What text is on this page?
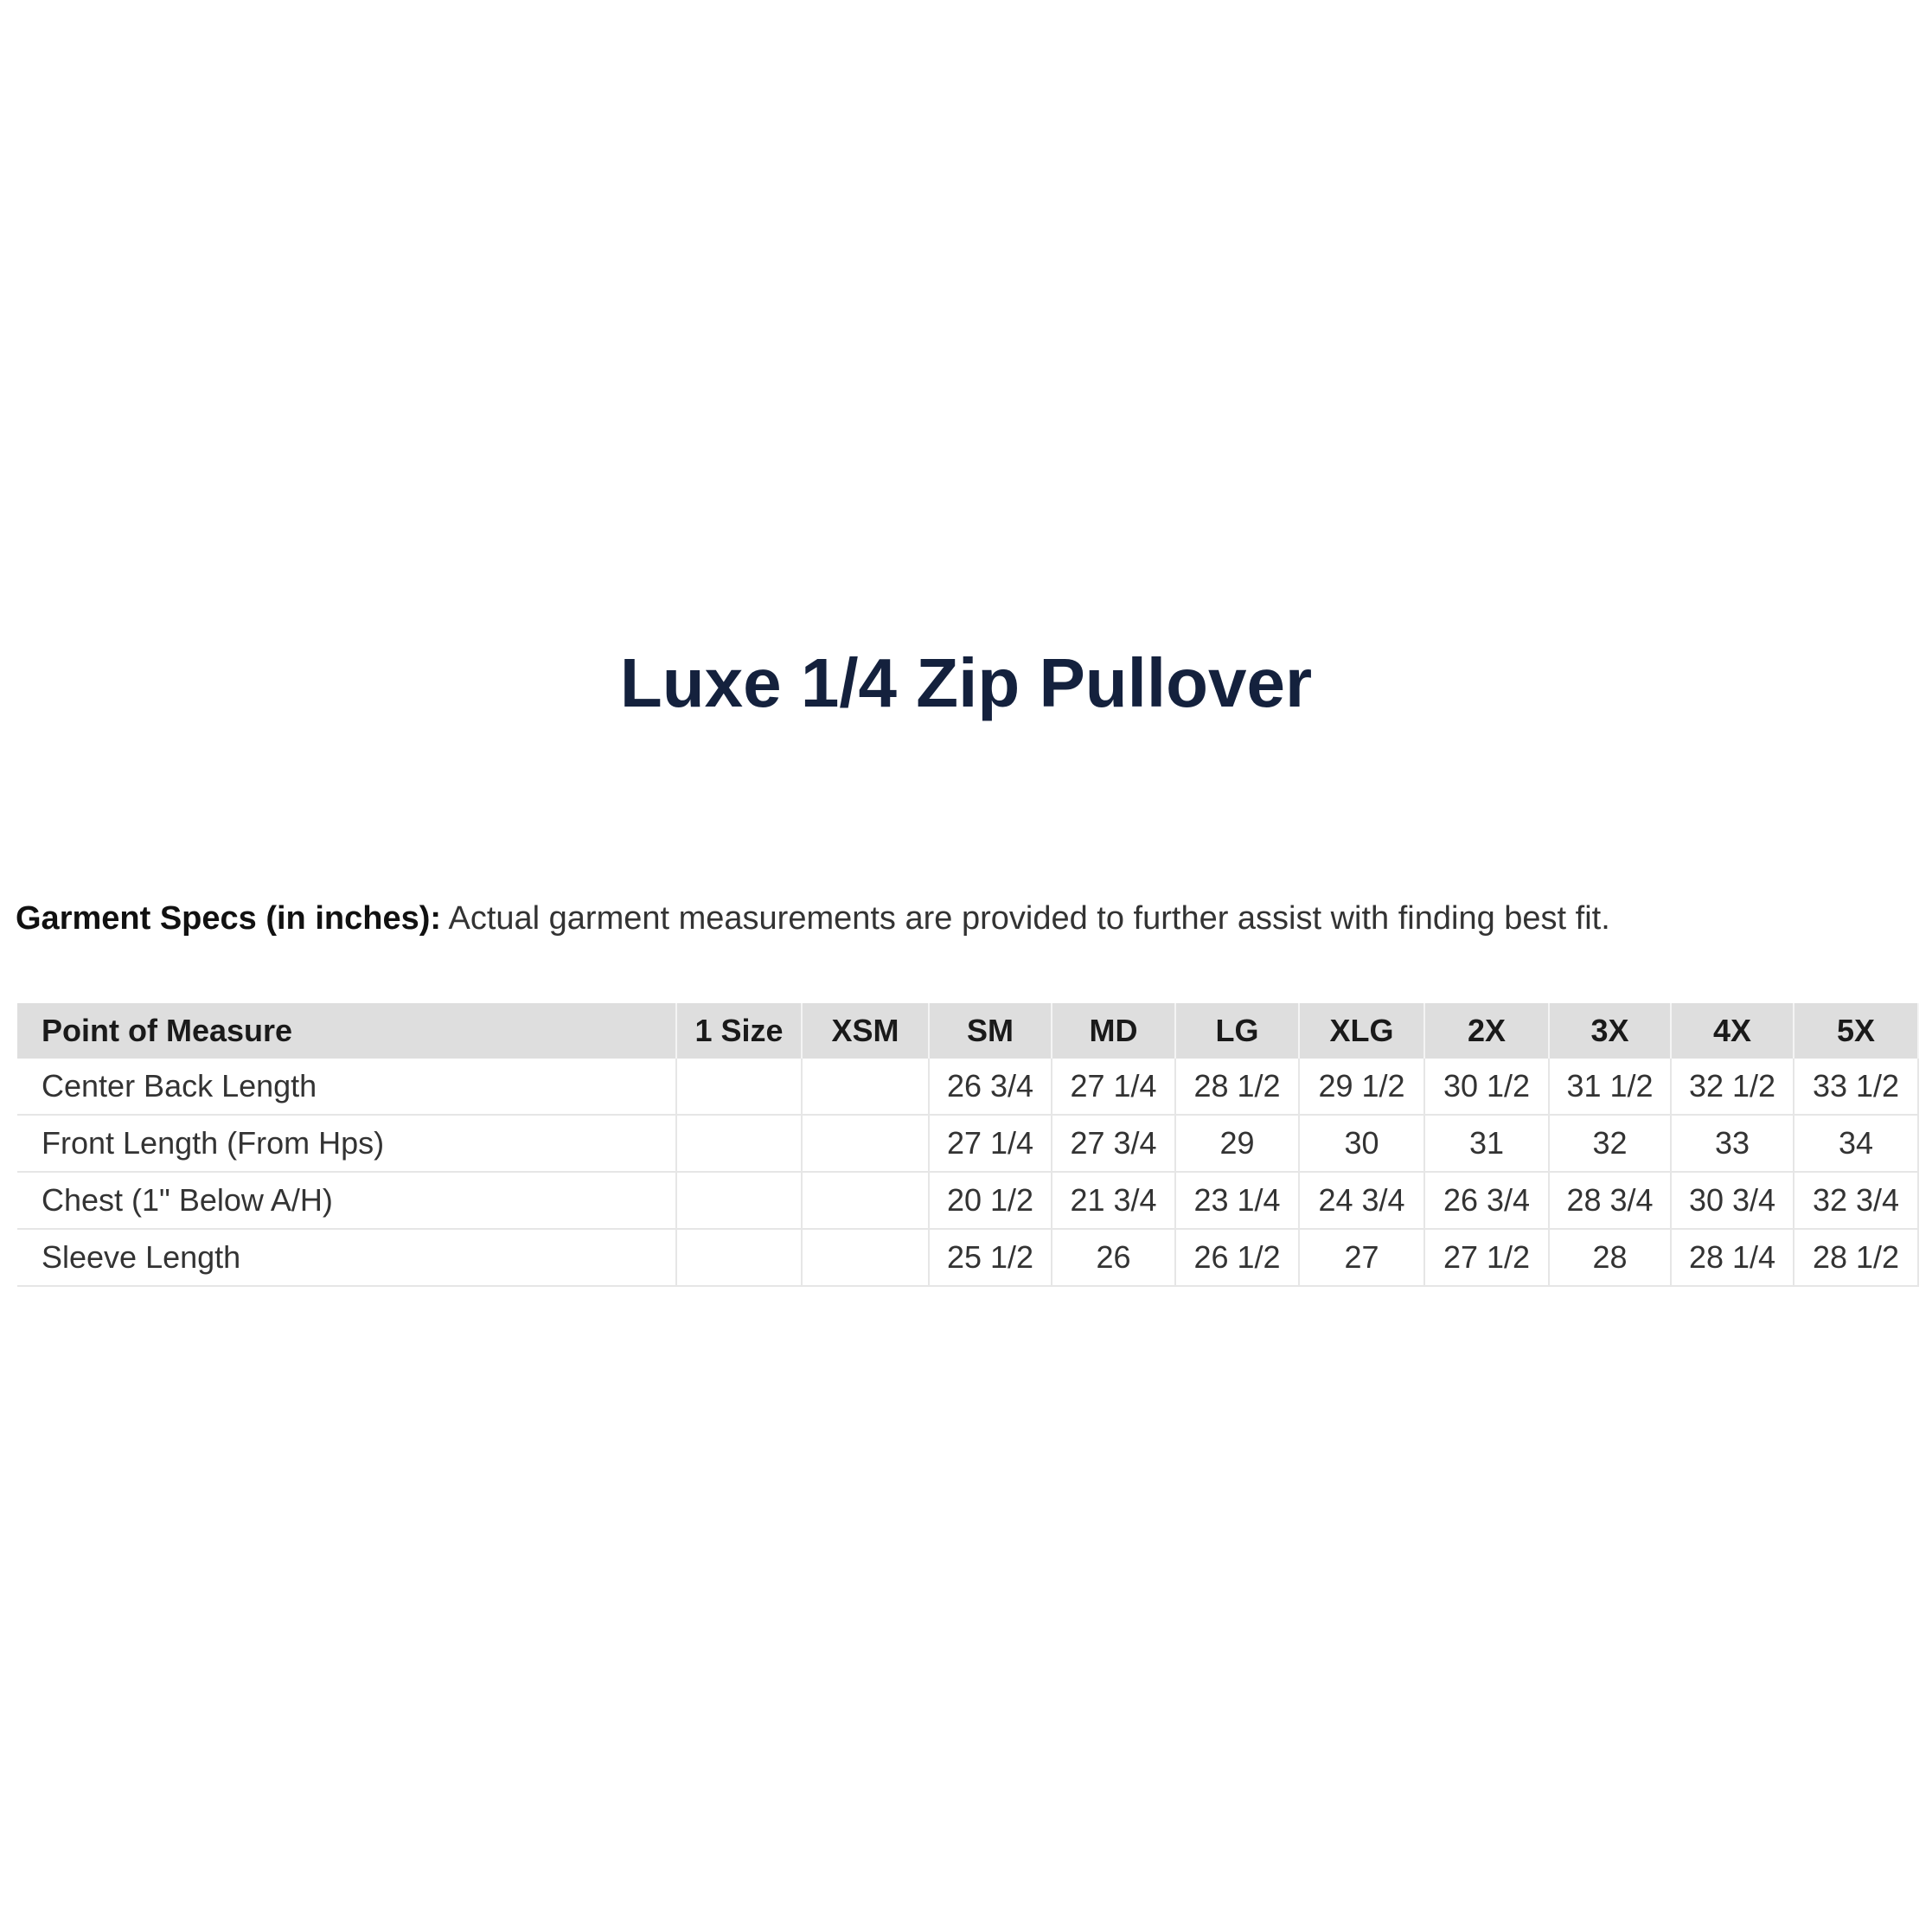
Luxe 1/4 Zip Pullover
Garment Specs (in inches): Actual garment measurements are provided to further assist with finding best fit.
Point of Measure	1 Size	XSM	SM	MD	LG	XLG	2X	3X	4X	5X
Center Back Length			26 3/4	27 1/4	28 1/2	29 1/2	30 1/2	31 1/2	32 1/2	33 1/2
Front Length (From Hps)			27 1/4	27 3/4	29	30	31	32	33	34
Chest (1" Below A/H)			20 1/2	21 3/4	23 1/4	24 3/4	26 3/4	28 3/4	30 3/4	32 3/4
Sleeve Length			25 1/2	26	26 1/2	27	27 1/2	28	28 1/4	28 1/2
